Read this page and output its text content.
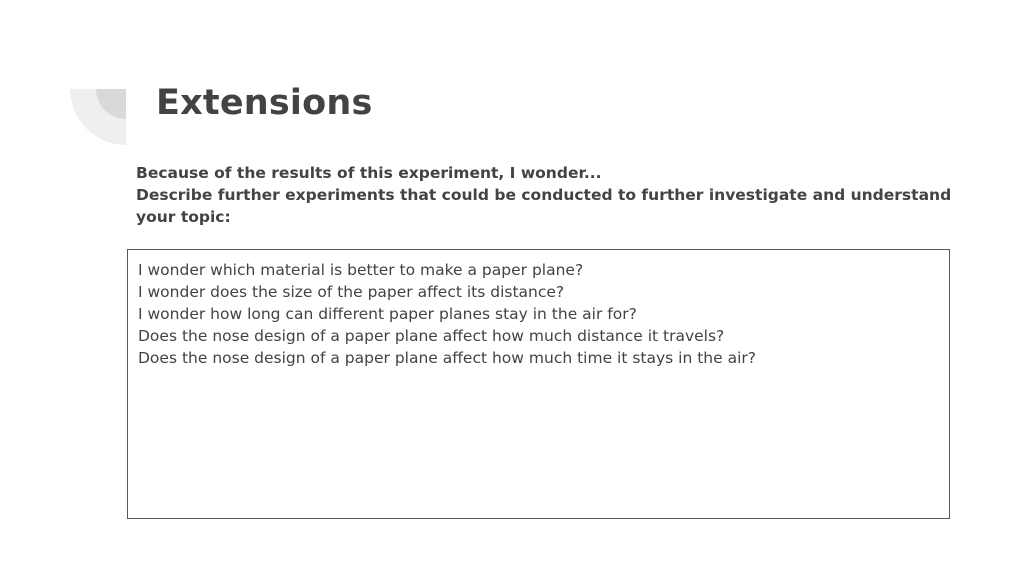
Extensions
Because of the results of this experiment, I wonder...
Describe further experiments that could be conducted to further investigate and understand
your topic:
I wonder which material is better to make a paper plane?
I wonder does the size of the paper affect its distance?
I wonder how long can different paper planes stay in the air for?
Does the nose design of a paper plane affect how much distance it travels?
Does the nose design of a paper plane affect how much time it stays in the air?
